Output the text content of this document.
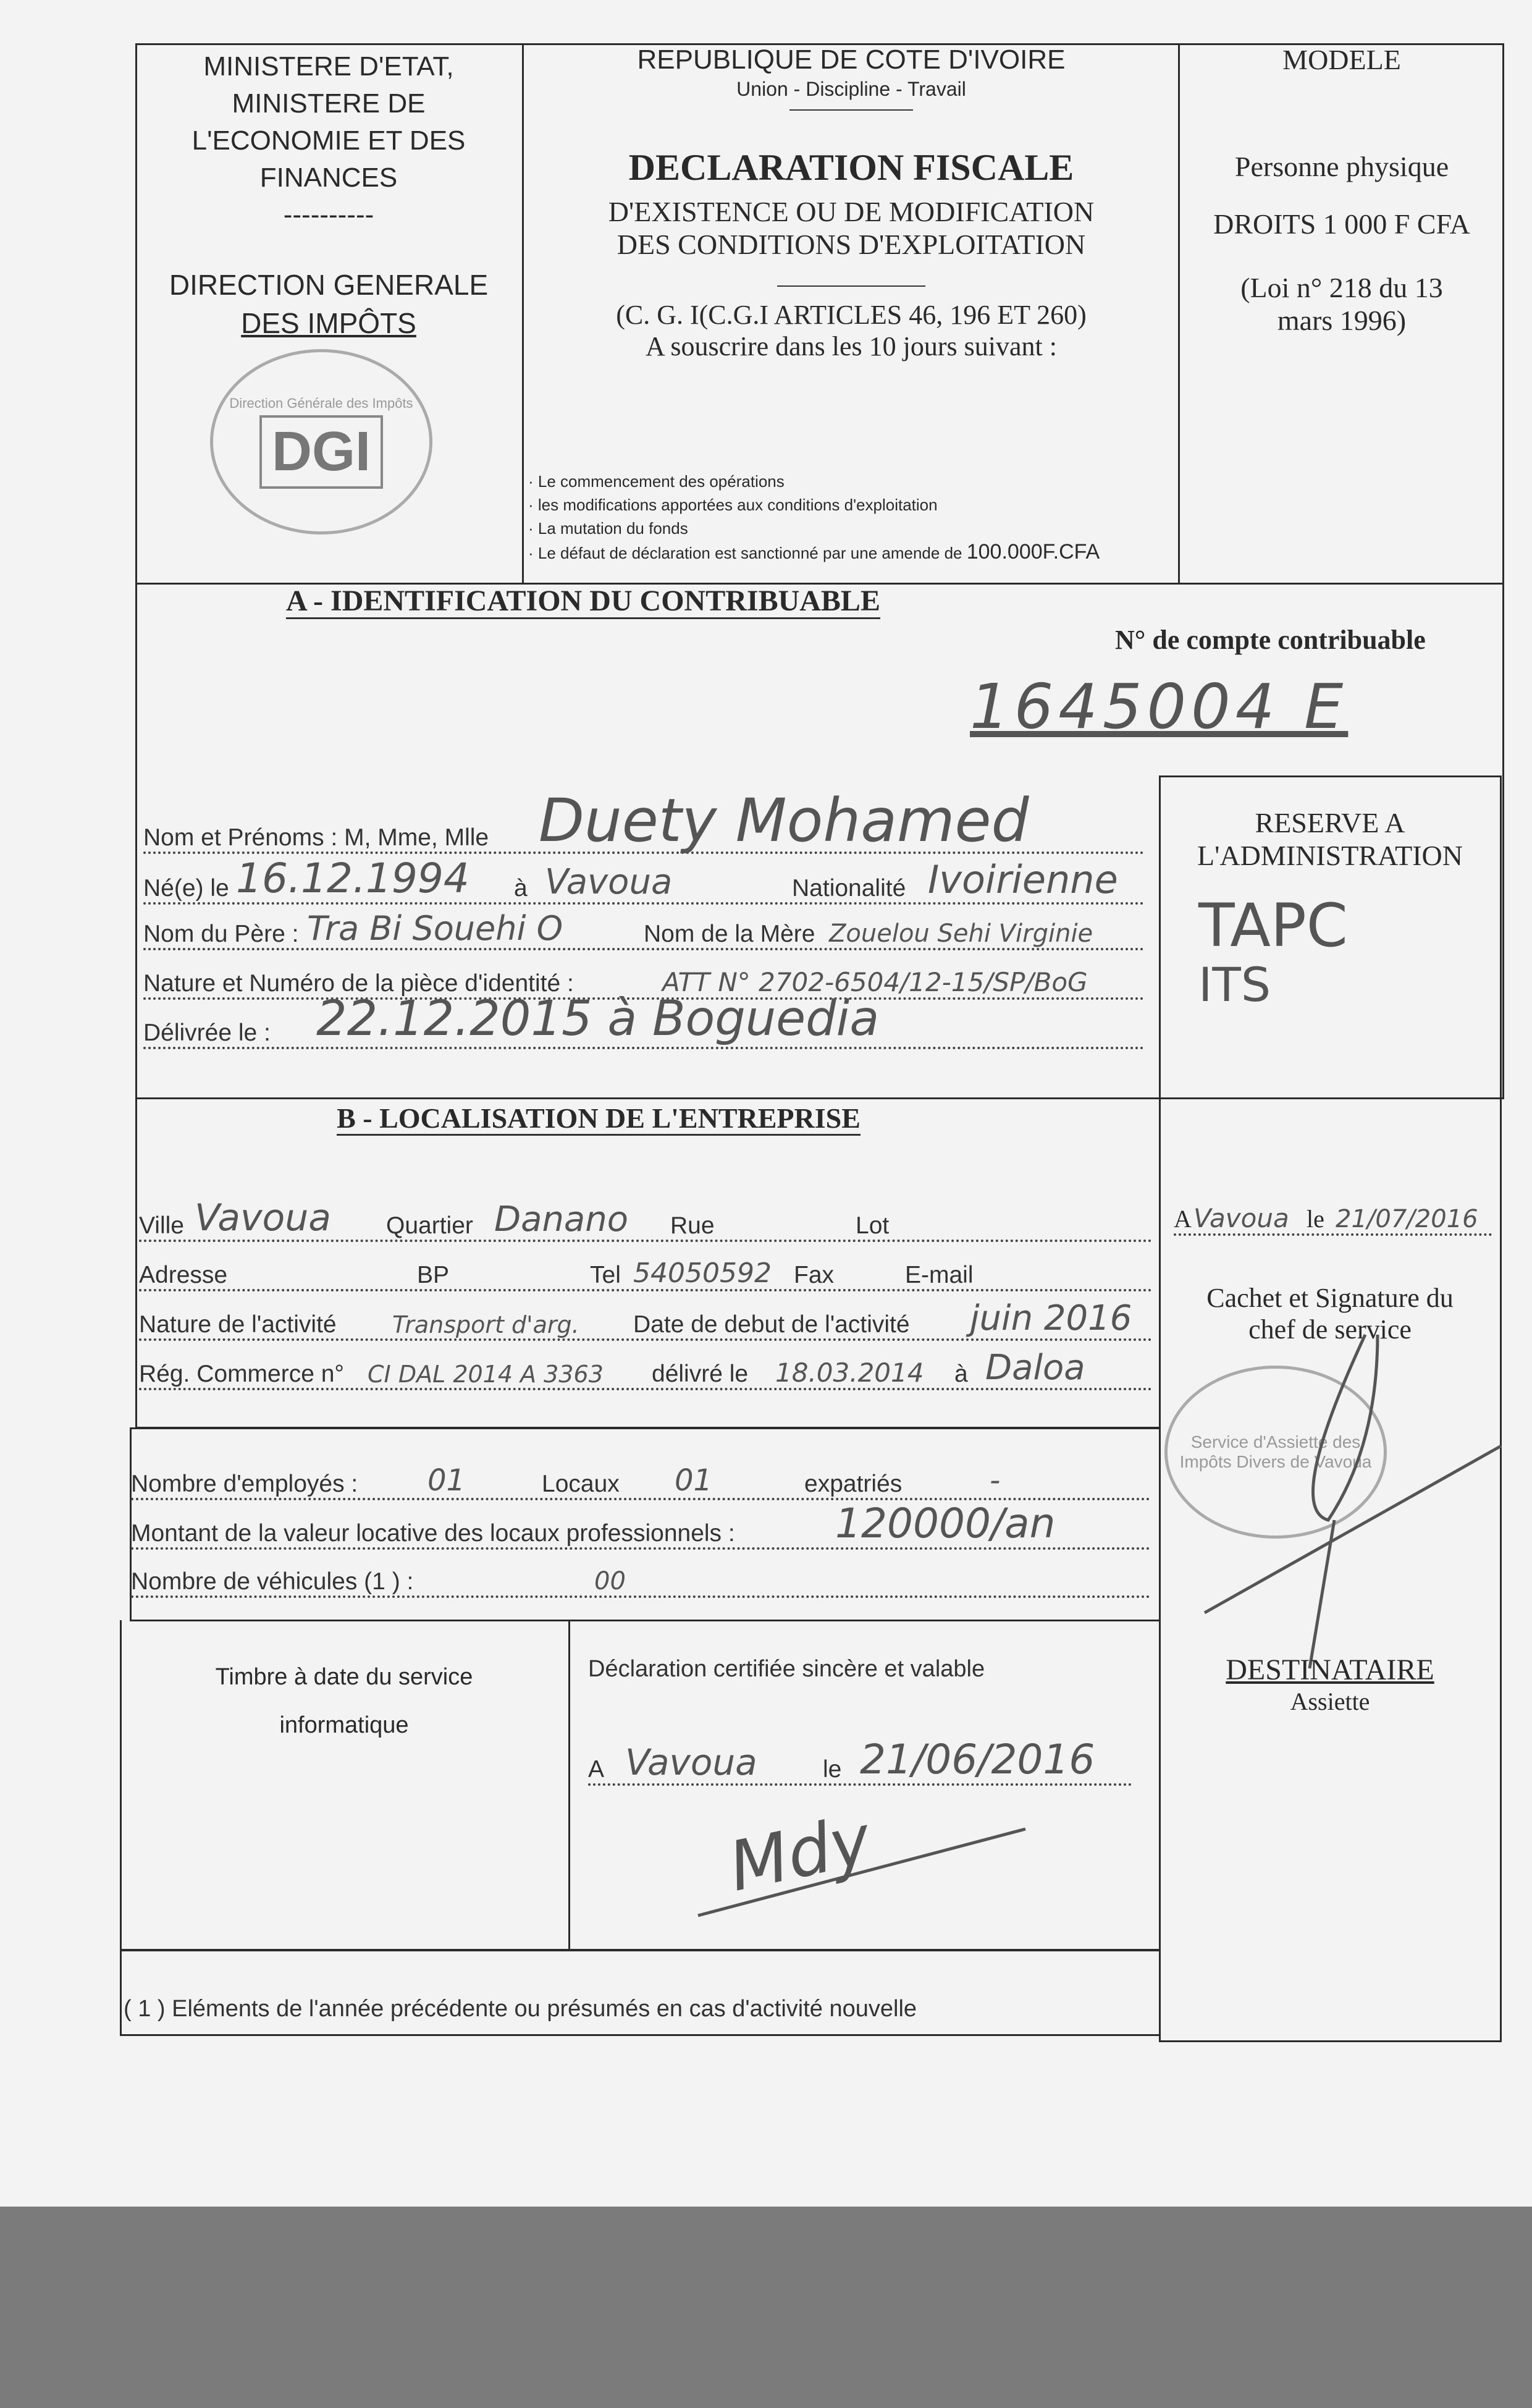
MINISTERE D'ETAT,
MINISTERE DE
L'ECONOMIE ET DES
FINANCES
----------
DIRECTION GENERALE
DES IMPÔTS
Direction Générale des Impôts
DGI
REPUBLIQUE DE COTE D'IVOIRE
Union - Discipline - Travail
DECLARATION FISCALE
D'EXISTENCE OU DE MODIFICATION
DES CONDITIONS D'EXPLOITATION
(C. G. I(C.G.I ARTICLES 46, 196 ET 260)
A souscrire dans les 10 jours suivant :
· Le commencement des opérations
· les modifications apportées aux conditions d'exploitation
· La mutation du fonds
· Le défaut de déclaration est sanctionné par une amende de 100.000F.CFA
MODELE
Personne physique
DROITS 1 000 F CFA
(Loi n° 218 du 13
mars 1996)
A - IDENTIFICATION DU CONTRIBUABLE
N° de compte contribuable
1645004 E
Nom et Prénoms : M, Mme, Mlle Duety Mohamed
Né(e) le 16.12.1994 à Vavoua	Nationalité Ivoirienne
Nom du Père : Tra Bi Souehi O	Nom de la Mère Zouelou Sehi Virginie
Nature et Numéro de la pièce d'identité :	ATT N° 2702-6504/12-15/SP/BoG
Délivrée le : 22.12.2015 à Boguedia
RESERVE A
L'ADMINISTRATION
TAPC
ITS
A Vavoua le 21/07/2016
Cachet et Signature du
chef de service
Service d'Assiette des Impôts Divers de Vavoua
DESTINATAIRE
Assiette
B - LOCALISATION DE L'ENTREPRISE
Ville Vavoua Quartier Danano Rue	Lot
Adresse	BP	Tel 54050592 Fax	E-mail
Nature de l'activité Transport d'arg. Date de debut de l'activité juin 2016
Rég. Commerce n° CI DAL 2014 A 3363 délivré le 18.03.2014 à Daloa
Nombre d'employés : 01	Locaux 01	expatriés	-
Montant de la valeur locative des locaux professionnels : 120000/an
Nombre de véhicules (1 ) :	00
Timbre à date du service
informatique
Déclaration certifiée sincère et valable
A Vavoua	le 21/06/2016
Mdy
( 1 ) Eléments de l'année précédente ou présumés en cas d'activité nouvelle
